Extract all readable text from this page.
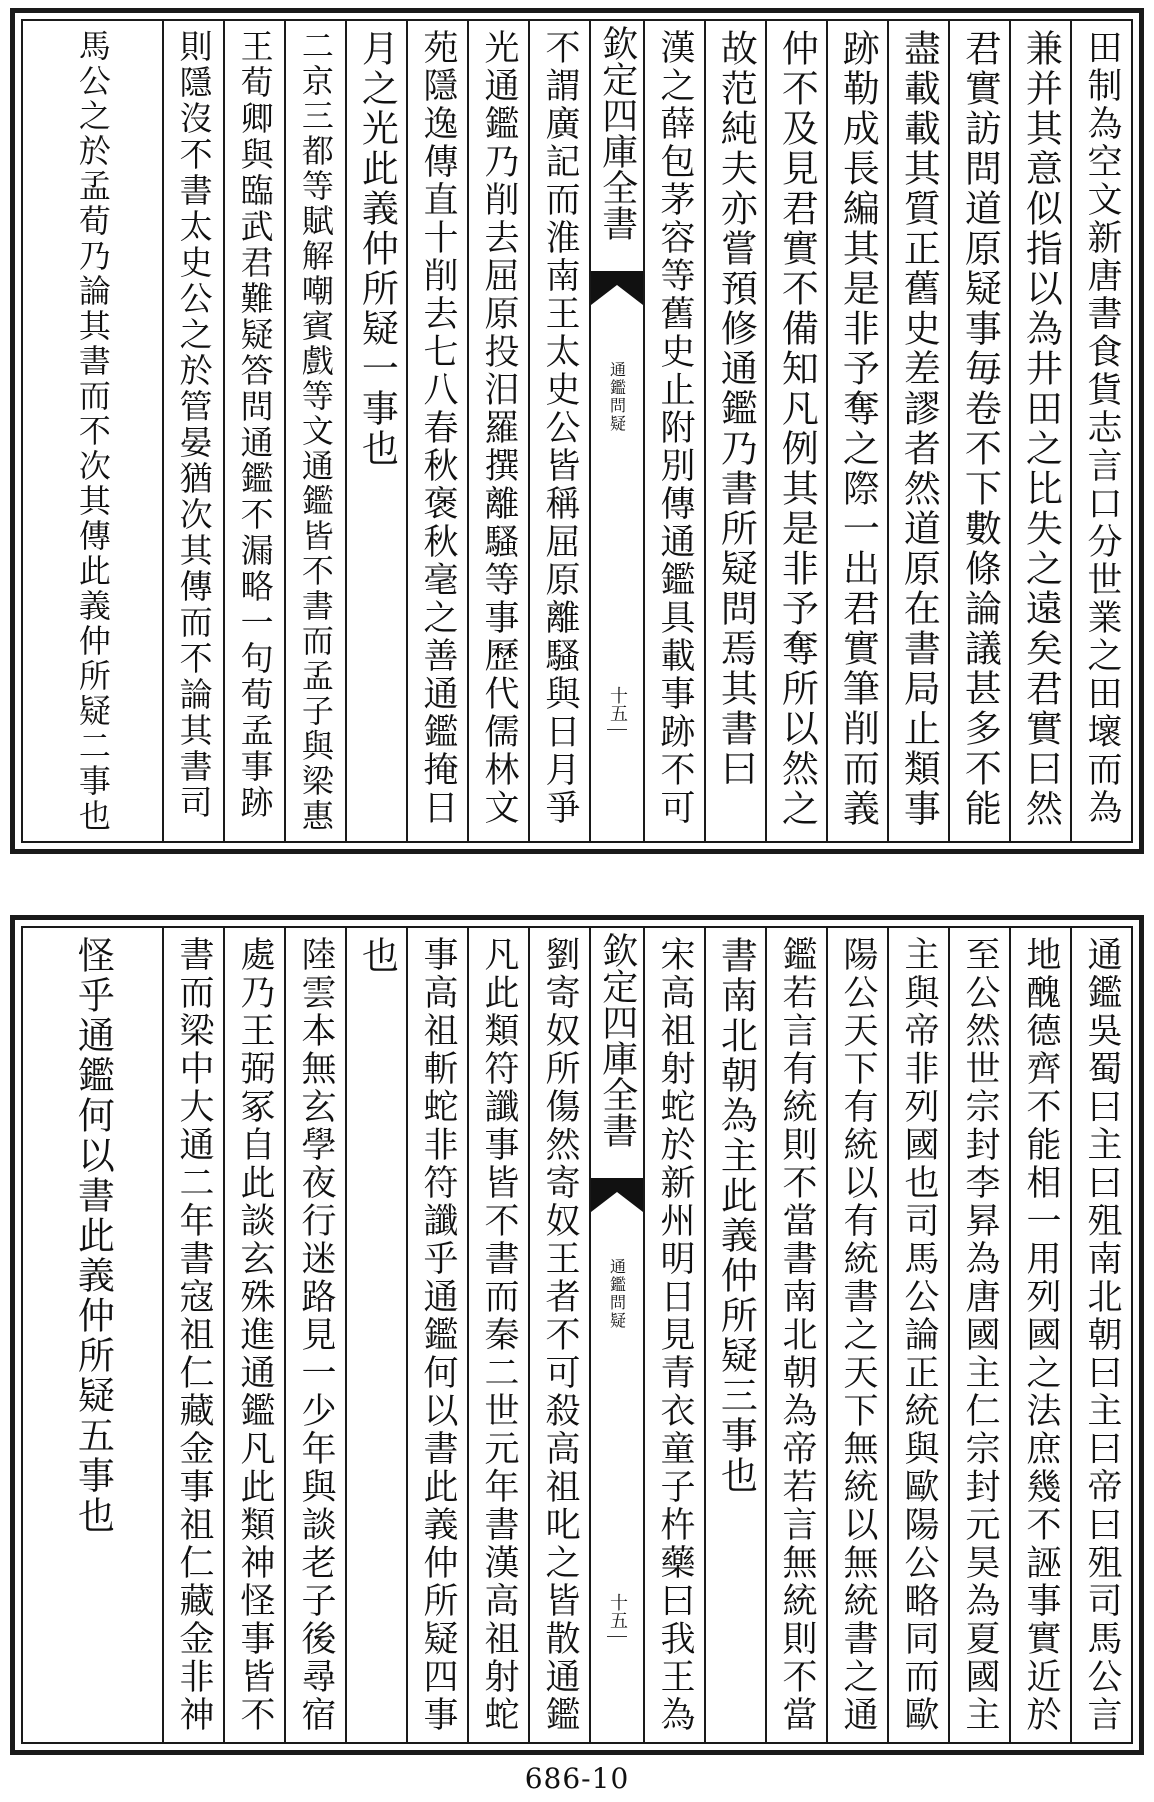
田制為空文新唐書食貨志言口分世業之田壞而為
兼并其意似指以為井田之比失之遠矣君實曰然
君實訪問道原疑事毎卷不下數條論議甚多不能
盡載載其質正舊史差謬者然道原在書局止類事
跡勒成長編其是非予奪之際一出君實筆削而義
仲不及見君實不備知凡例其是非予奪所以然之
故范純夫亦嘗預修通鑑乃書所疑問焉其書曰
漢之薛包茅容等舊史止附別傳通鑑具載事跡不可
欽定四庫全書
通鑑問疑
十五
不謂廣記而淮南王太史公皆稱屈原離騷與日月爭
光通鑑乃削去屈原投汨羅撰離騷等事歷代儒林文
苑隱逸傳直十削去七八春秋褒秋毫之善通鑑掩日
月之光此義仲所疑一事也
二京三都等賦解嘲賓戲等文通鑑皆不書而孟子與梁惠
王荀卿與臨武君難疑答問通鑑不漏略一句荀孟事跡
則隱沒不書太史公之於管晏猶次其傳而不論其書司
馬公之於孟荀乃論其書而不次其傳此義仲所疑二事也
通鑑吳蜀曰主曰殂南北朝曰主曰帝曰殂司馬公言
地醜德齊不能相一用列國之法庶幾不誣事實近於
至公然世宗封李昪為唐國主仁宗封元昊為夏國主
主與帝非列國也司馬公論正統與歐陽公略同而歐
陽公天下有統以有統書之天下無統以無統書之通
鑑若言有統則不當書南北朝為帝若言無統則不當
書南北朝為主此義仲所疑三事也
宋高祖射蛇於新州明日見青衣童子杵藥曰我王為
欽定四庫全書
通鑑問疑
十五
劉寄奴所傷然寄奴王者不可殺高祖叱之皆散通鑑
凡此類符讖事皆不書而秦二世元年書漢高祖射蛇
事高祖斬蛇非符讖乎通鑑何以書此義仲所疑四事
也
陸雲本無玄學夜行迷路見一少年與談老子後尋宿
處乃王弼冢自此談玄殊進通鑑凡此類神怪事皆不
書而梁中大通二年書寇祖仁藏金事祖仁藏金非神
怪乎通鑑何以書此義仲所疑五事也
686-10
